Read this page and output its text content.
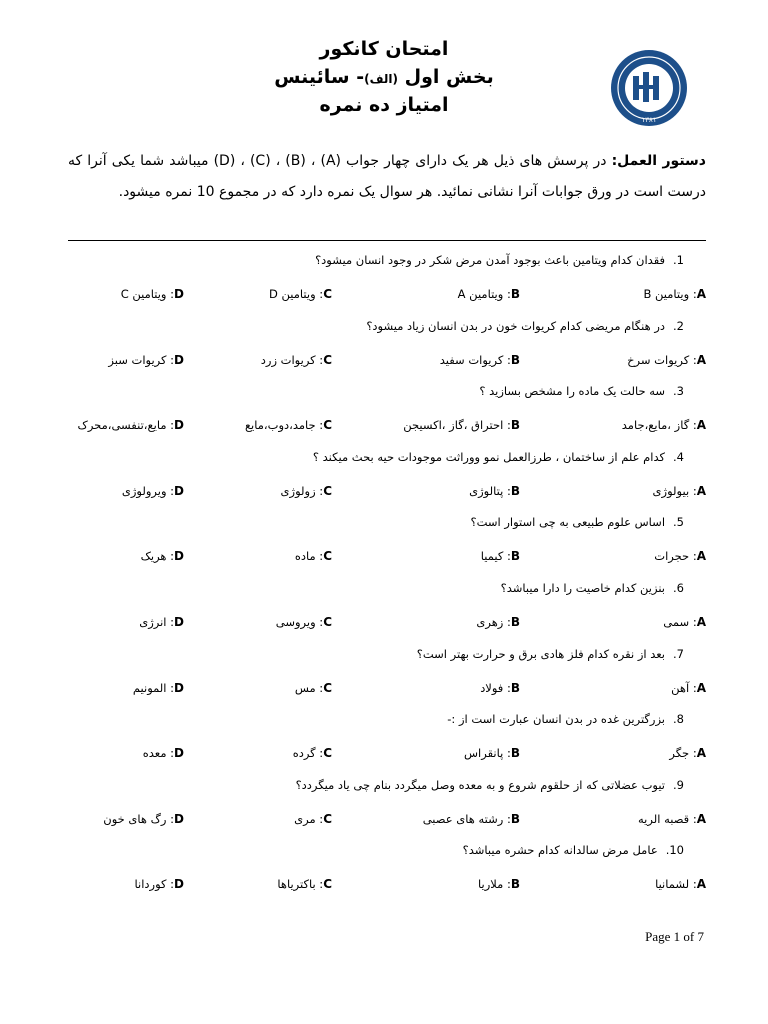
امتحان کانکور
بخش اول (الف)- سائینس
امتیاز ده نمره
۱۳۸۱
دستور العمل: در پرسش های ذیل هر یک دارای چهار جواب (A) ، (B) ، (C) ، (D) میباشد شما یکی آنرا که درست است در ورق جوابات آنرا نشانی نمائید. هر سوال یک نمره دارد که در مجموع 10 نمره میشود.
1.فقدان کدام ویتامین باعث بوجود آمدن مرض شکر در وجود انسان میشود؟
A: ویتامین B
B: ویتامین A
C: ویتامین D
D: ویتامین C
2.در هنگام مریضی کدام کریوات خون در بدن انسان زیاد میشود؟
A: کریوات سرخ
B: کریوات سفید
C: کریوات زرد
D: کریوات سبز
3.سه حالت یک ماده را مشخص بسازید ؟
A: گاز ،مایع،جامد
B: احتراق ،گاز ،اکسیجن
C: جامد،دوب،مایع
D: مایع،تنفسی،محرک
4.کدام علم از ساختمان ، طرزالعمل نمو ووراثت موجودات حیه بحث میکند ؟
A: بیولوژی
B: پتالوژی
C: زولوژی
D: ویرولوژی
5.اساس علوم طبیعی به چی استوار است؟
A: حجرات
B: کیمیا
C: ماده
D: هریک
6.بنزین کدام خاصیت را دارا میباشد؟
A: سمی
B: زهری
C: ویروسی
D: انرژی
7.بعد از نقره کدام فلز هادی برق و حرارت بهتر است؟
A: آهن
B: فولاد
C: مس
D: المونیم
8.بزرگترین غده در بدن انسان عبارت است از :-
A: جگر
B: پانقراس
C: گرده
D: معده
9.تیوب عضلاتی که از حلقوم شروع و به معده وصل میگردد بنام چی یاد میگردد؟
A: قصبه الریه
B: رشته های عصبی
C: مری
D: رگ های خون
10.عامل مرض سالدانه کدام حشره میباشد؟
A: لشمانیا
B: ملاریا
C: باکتریاها
D: کوردانا
Page 1 of 7
